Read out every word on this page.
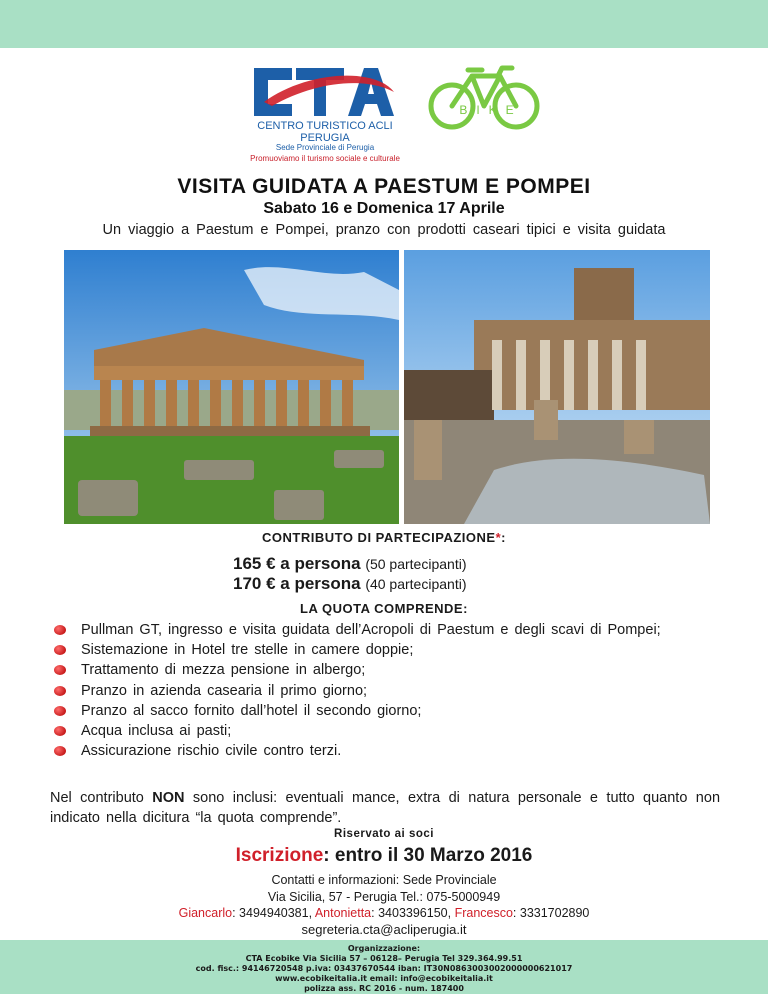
CENTRO TURISTICO ACLI
PERUGIA
Sede Provinciale di Perugia
Promuoviamo il turismo sociale e culturale
BIKE
VISITA GUIDATA A PAESTUM E POMPEI
Sabato 16 e Domenica 17 Aprile
Un viaggio a Paestum e Pompei, pranzo con prodotti caseari tipici e visita guidata
CONTRIBUTO DI PARTECIPAZIONE*:
165 € a persona (50 partecipanti)
170 € a persona (40 partecipanti)
LA QUOTA COMPRENDE:
Pullman GT, ingresso e visita guidata dell’Acropoli di Paestum e degli scavi di Pompei;
Sistemazione in Hotel tre stelle in camere doppie;
Trattamento di mezza pensione in albergo;
Pranzo in azienda casearia il primo giorno;
Pranzo al sacco fornito dall’hotel il secondo giorno;
Acqua inclusa ai pasti;
Assicurazione rischio civile contro terzi.
Nel contributo NON sono inclusi: eventuali mance, extra di natura personale e tutto quanto non indicato nella dicitura “la quota comprende”.
Riservato ai soci
Iscrizione: entro il 30 Marzo 2016
Contatti e informazioni: Sede Provinciale
Via Sicilia, 57 - Perugia Tel.: 075-5000949
Giancarlo: 3494940381, Antonietta: 3403396150, Francesco: 3331702890
segreteria.cta@acliperugia.it
Organizzazione:
CTA Ecobike Via Sicilia 57 – 06128– Perugia Tel 329.364.99.51
cod. fisc.: 94146720548 p.iva: 03437670544 iban: IT30N0863003002000000621017
www.ecobikeitalia.it email: info@ecobikeitalia.it
polizza ass. RC 2016 - num. 187400
